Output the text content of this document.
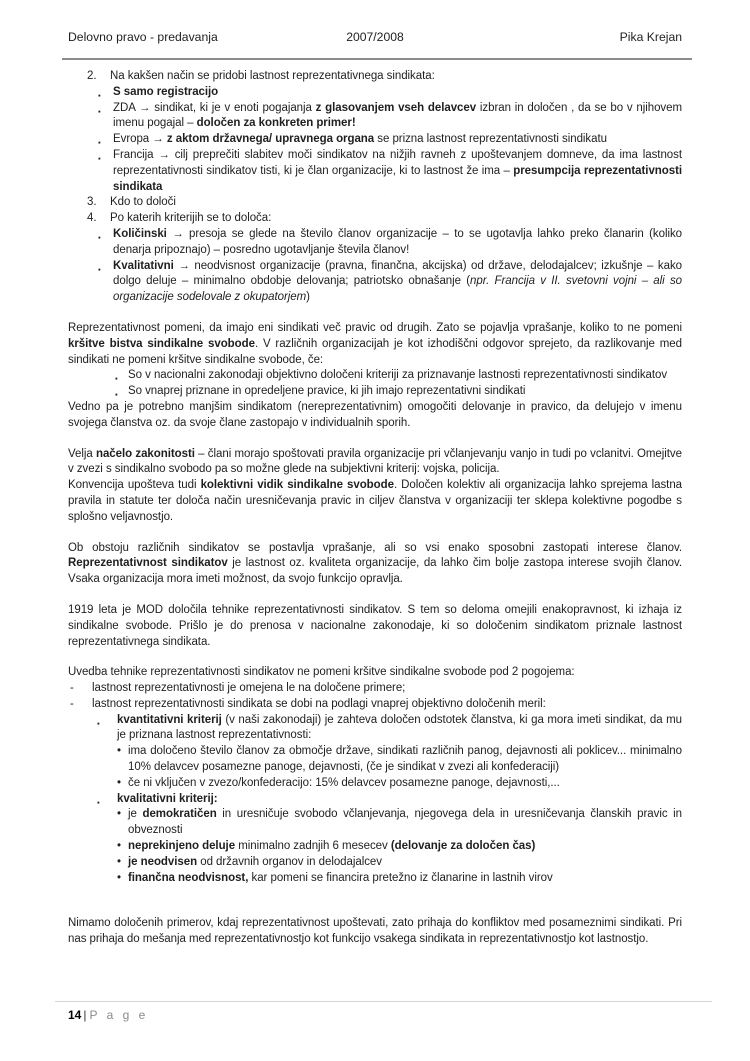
Delovno pravo - predavanja	2007/2008	Pika Krejan
2. Na kakšen način se pridobi lastnost reprezentativnega sindikata:
▪ S samo registracijo
▪ ZDA → sindikat, ki je v enoti pogajanja z glasovanjem vseh delavcev izbran in določen , da se bo v njihovem imenu pogajal – določen za konkreten primer!
▪ Evropa → z aktom državnega/ upravnega organa se prizna lastnost reprezentativnosti sindikatu
▪ Francija → cilj preprečiti slabitev moči sindikatov na nižjih ravneh z upoštevanjem domneve, da ima lastnost reprezentativnosti sindikatov tisti, ki je član organizacije, ki to lastnost že ima – presumpcija reprezentativnosti sindikata
3. Kdo to določi
4. Po katerih kriterijih se to določa:
▪ Količinski → presoja se glede na število članov organizacije – to se ugotavlja lahko preko članarin (koliko denarja pripoznajo) – posredno ugotavljanje števila članov!
▪ Kvalitativni → neodvisnost organizacije (pravna, finančna, akcijska) od države, delodajalcev; izkušnje – kako dolgo deluje – minimalno obdobje delovanja; patriotsko obnašanje (npr. Francija v II. svetovni vojni – ali so organizacije sodelovale z okupatorjem)
Reprezentativnost pomeni, da imajo eni sindikati več pravic od drugih. Zato se pojavlja vprašanje, koliko to ne pomeni kršitve bistva sindikalne svobode. V različnih organizacijah je kot izhodiščni odgovor sprejeto, da razlikovanje med sindikati ne pomeni kršitve sindikalne svobode, če:
▪ So v nacionalni zakonodaji objektivno določeni kriteriji za priznavanje lastnosti reprezentativnosti sindikatov
▪ So vnaprej priznane in opredeljene pravice, ki jih imajo reprezentativni sindikati
Vedno pa je potrebno manjšim sindikatom (nereprezentativnim) omogočiti delovanje in pravico, da delujejo v imenu svojega članstva oz. da svoje člane zastopajo v individualnih sporih.
Velja načelo zakonitosti – člani morajo spoštovati pravila organizacije pri včlanjevanju vanjo in tudi po vclanitvi. Omejitve v zvezi s sindikalno svobodo pa so možne glede na subjektivni kriterij: vojska, policija.
Konvencija upošteva tudi kolektivni vidik sindikalne svobode. Določen kolektiv ali organizacija lahko sprejema lastna pravila in statute ter določa način uresničevanja pravic in ciljev članstva v organizaciji ter sklepa kolektivne pogodbe s splošno veljavnostjo.
Ob obstoju različnih sindikatov se postavlja vprašanje, ali so vsi enako sposobni zastopati interese članov. Reprezentativnost sindikatov je lastnost oz. kvaliteta organizacije, da lahko čim bolje zastopa interese svojih članov. Vsaka organizacija mora imeti možnost, da svojo funkcijo opravlja.
1919 leta je MOD določila tehnike reprezentativnosti sindikatov. S tem so deloma omejili enakopravnost, ki izhaja iz sindikalne svobode. Prišlo je do prenosa v nacionalne zakonodaje, ki so določenim sindikatom priznale lastnost reprezentativnega sindikata.
Uvedba tehnike reprezentativnosti sindikatov ne pomeni kršitve sindikalne svobode pod 2 pogojema:
- lastnost reprezentativnosti je omejena le na določene primere;
- lastnost reprezentativnosti sindikata se dobi na podlagi vnaprej objektivno določenih meril:
▪ kvantitativni kriterij (v naši zakonodaji) je zahteva določen odstotek članstva, ki ga mora imeti sindikat, da mu je priznana lastnost reprezentativnosti:
• ima določeno število članov za območje države, sindikati različnih panog, dejavnosti ali poklicev... minimalno 10% delavcev posamezne panoge, dejavnosti, (če je sindikat v zvezi ali konfederaciji)
• če ni vključen v zvezo/konfederacijo: 15% delavcev posamezne panoge, dejavnosti,...
▪ kvalitativni kriterij:
• je demokratičen in uresničuje svobodo včlanjevanja, njegovega dela in uresničevanja članskih pravic in obveznosti
• neprekinjeno deluje minimalno zadnjih 6 mesecev (delovanje za določen čas)
• je neodvisen od državnih organov in delodajalcev
• finančna neodvisnost, kar pomeni se financira pretežno iz članarine in lastnih virov
Nimamo določenih primerov, kdaj reprezentativnost upoštevati, zato prihaja do konfliktov med posameznimi sindikati. Pri nas prihaja do mešanja med reprezentativnostjo kot funkcijo vsakega sindikata in reprezentativnostjo kot lastnostjo.
14 | P a g e
